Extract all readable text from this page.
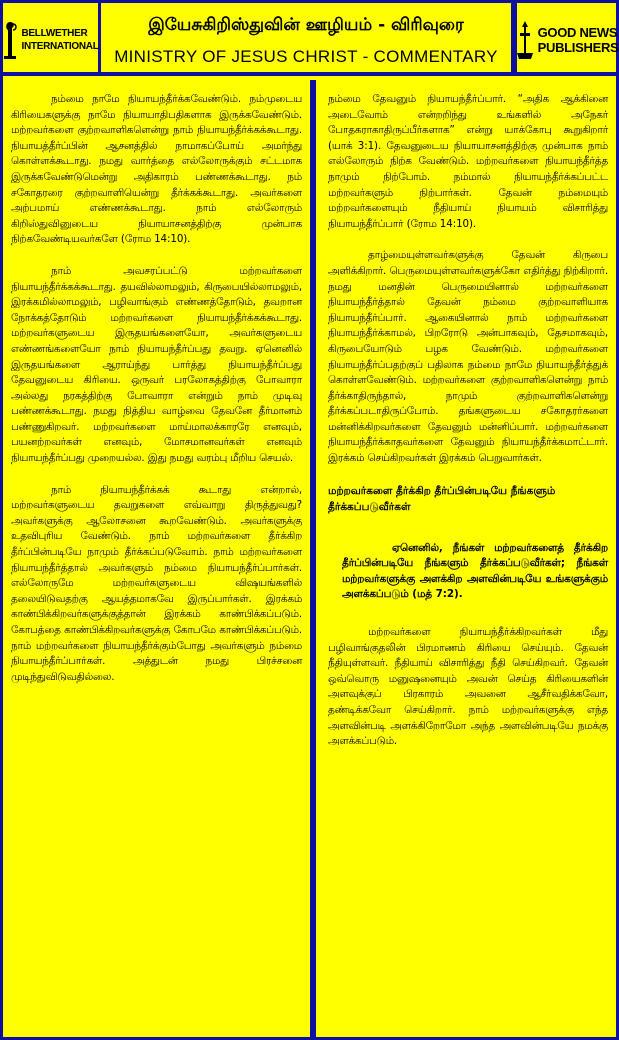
BELLWETHER
INTERNATIONAL
இயேசுகிறிஸ்துவின் ஊழியம் - விரிவுரை
MINISTRY OF JESUS CHRIST - COMMENTARY
GOOD NEWS
PUBLISHERS

நம்மை நாமே நியாயந்தீர்க்கவேண்டும். நம்முடைய கிரியைகளுக்கு நாமே நியாயாதிபதிகளாக இருக்கவேண்டும். மற்றவர்களை குற்றவாளிகளென்று நாம் நியாயந்தீர்க்கக்கூடாது. நியாயத்தீர்ப்பின் ஆசனத்தில் நாமாகப்போய் அமர்ந்து கொள்ளக்கூடாது. நமது வார்த்தை எல்லோருக்கும் சட்டமாக இருக்கவேண்டுமென்று அதிகாரம் பண்ணக்கூடாது. நம் சகோதரரை குற்றவாளியென்று தீர்க்கக்கூடாது. அவர்களை அற்பமாய் எண்ணக்கூடாது. நாம் எல்லோரும் கிறிஸ்துவினுடைய நியாயாசனத்திற்கு முன்பாக நிற்கவேண்டியவர்களே (ரோம 14:10).

நாம் அவசரப்பட்டு மற்றவர்களை நியாயந்தீர்க்கக்கூடாது. தயவில்லாமலும், கிருபையில்லாமலும், இரக்கமில்லாமலும், பழிவாங்கும் எண்ணத்தோடும், தவறான நோக்கத்தோடும் மற்றவர்களை நியாயந்தீர்க்கக்கூடாது. மற்றவர்களுடைய இருதயங்களையோ, அவர்களுடைய எண்ணங்களையோ நாம் நியாயந்தீர்ப்பது தவறு. ஏனெனில் இருதயங்களை ஆராய்ந்து பார்த்து நியாயந்தீர்ப்பது தேவனுடைய கிரியை. ஒருவர் பரலோகத்திற்கு போவாரா அல்லது நரகத்திற்கு போவாரா என்றும் நாம் முடிவு பண்ணக்கூடாது. நமது நித்திய வாழ்வை தேவனே தீர்மானம் பண்ணுகிறவர். மற்றவர்களை மாய்மாலக்காரரே எனவும், பயனற்றவர்கள் எனவும், மோசமானவர்கள் எனவும் நியாயந்தீர்ப்பது முறையல்ல. இது நமது வரம்பு மீறிய செயல்.

நாம் நியாயந்தீர்க்கக் கூடாது என்றால், மற்றவர்களுடைய தவறுகளை எவ்வாறு திருத்துவது? அவர்களுக்கு ஆலோசனை கூறவேண்டும். அவர்களுக்கு உதவிபுரிய வேண்டும். நாம் மற்றவர்களை தீர்க்கிற தீர்ப்பின்படியே நாமும் தீர்க்கப்படுவோம். நாம் மற்றவர்களை நியாயந்தீர்த்தால் அவர்களும் நம்மை நியாயந்தீர்ப்பார்கள். எல்லோருமே மற்றவர்களுடைய விஷயங்களில் தலையிடுவதற்கு ஆயத்தமாகவே இருப்பார்கள். இரக்கம் காண்பிக்கிறவர்களுக்குத்தான் இரக்கம் காண்பிக்கப்படும். கோபத்தை காண்பிக்கிறவர்களுக்கு கோபமே காண்பிக்கப்படும். நாம் மற்றவர்களை நியாயந்தீர்க்கும்போது அவர்களும் நம்மை நியாயந்தீர்ப்பார்கள். அத்துடன் நமது பிரச்சனை முடிந்துவிடுவதில்லை.

நம்மை தேவனும் நியாயந்தீர்ப்பார். “அதிக ஆக்கினை அடைவோம் என்றறிந்து உங்களில் அநேகர் போதகராகாதிருப்பீர்களாக” என்று யாக்கோபு கூறுகிறார் (யாக் 3:1). தேவனுடைய நியாயாசனத்திற்கு முன்பாக நாம் எல்லோரும் நிற்க வேண்டும். மற்றவர்களை நியாயந்தீர்த்த நாமும் நிற்போம். நம்மால் நியாயந்தீர்க்கப்பட்ட மற்றவர்களும் நிற்பார்கள். தேவன் நம்மையும் மற்றவர்களையும் நீதியாய் நியாயம் விசாரித்து நியாயந்தீர்ப்பார் (ரோம 14:10).

தாழ்மையுள்ளவர்களுக்கு தேவன் கிருபை அளிக்கிறார். பெருமையுள்ளவர்களுக்கோ எதிர்த்து நிற்கிறார். நமது மனதின் பெருமையினால் மற்றவர்களை நியாயந்தீர்த்தால் தேவன் நம்மை குற்றவாளியாக நியாயந்தீர்ப்பார். ஆகையினால் நாம் மற்றவர்களை நியாயந்தீர்க்காமல், பிறரோடு அன்பாகவும், தேசமாகவும், கிருபையோடும் பழக வேண்டும். மற்றவர்களை நியாயந்தீர்ப்பதற்குப் பதிலாக நம்மை நாமே நியாயந்தீர்த்துக் கொள்ளவேண்டும். மற்றவர்களை குற்றவாளிகளென்று நாம் தீர்க்காதிருந்தால், நாமும் குற்றவாளிகளென்று தீர்க்கப்படாதிருப்போம். தங்களுடைய சகோதரர்களை மன்னிக்கிறவர்களை தேவனும் மன்னிப்பார். மற்றவர்களை நியாயந்தீர்க்காதவர்களை தேவனும் நியாயந்தீர்க்கமாட்டார். இரக்கம் செய்கிறவர்கள் இரக்கம் பெறுவார்கள்.

மற்றவர்களை தீர்க்கிற தீர்ப்பின்படியே நீங்களும் தீர்க்கப்படுவீர்கள்

ஏனெனில், நீங்கள் மற்றவர்களைத் தீர்க்கிற தீர்ப்பின்படியே நீங்களும் தீர்க்கப்படுவீர்கள்; நீங்கள் மற்றவர்களுக்கு அளக்கிற அளவின்படியே உங்களுக்கும் அளக்கப்படும் (மத் 7:2).

மற்றவர்களை நியாயந்தீர்க்கிறவர்கள் மீது பழிவாங்குதலின் பிரமாணம் கிரியை செய்யும். தேவன் நீதியுள்ளவர். நீதியாய் விசாரித்து நீதி செய்கிறவர். தேவன் ஒவ்வொரு மனுஷனையும் அவன் செய்த கிரியைகளின் அளவுக்குப் பிரகாரம் அவனை ஆசீர்வதிக்கவோ, தண்டிக்கவோ செய்கிறார். நாம் மற்றவர்களுக்கு எந்த அளவின்படி அளக்கிறோமோ அந்த அளவின்படியே நமக்கு அளக்கப்படும்.
